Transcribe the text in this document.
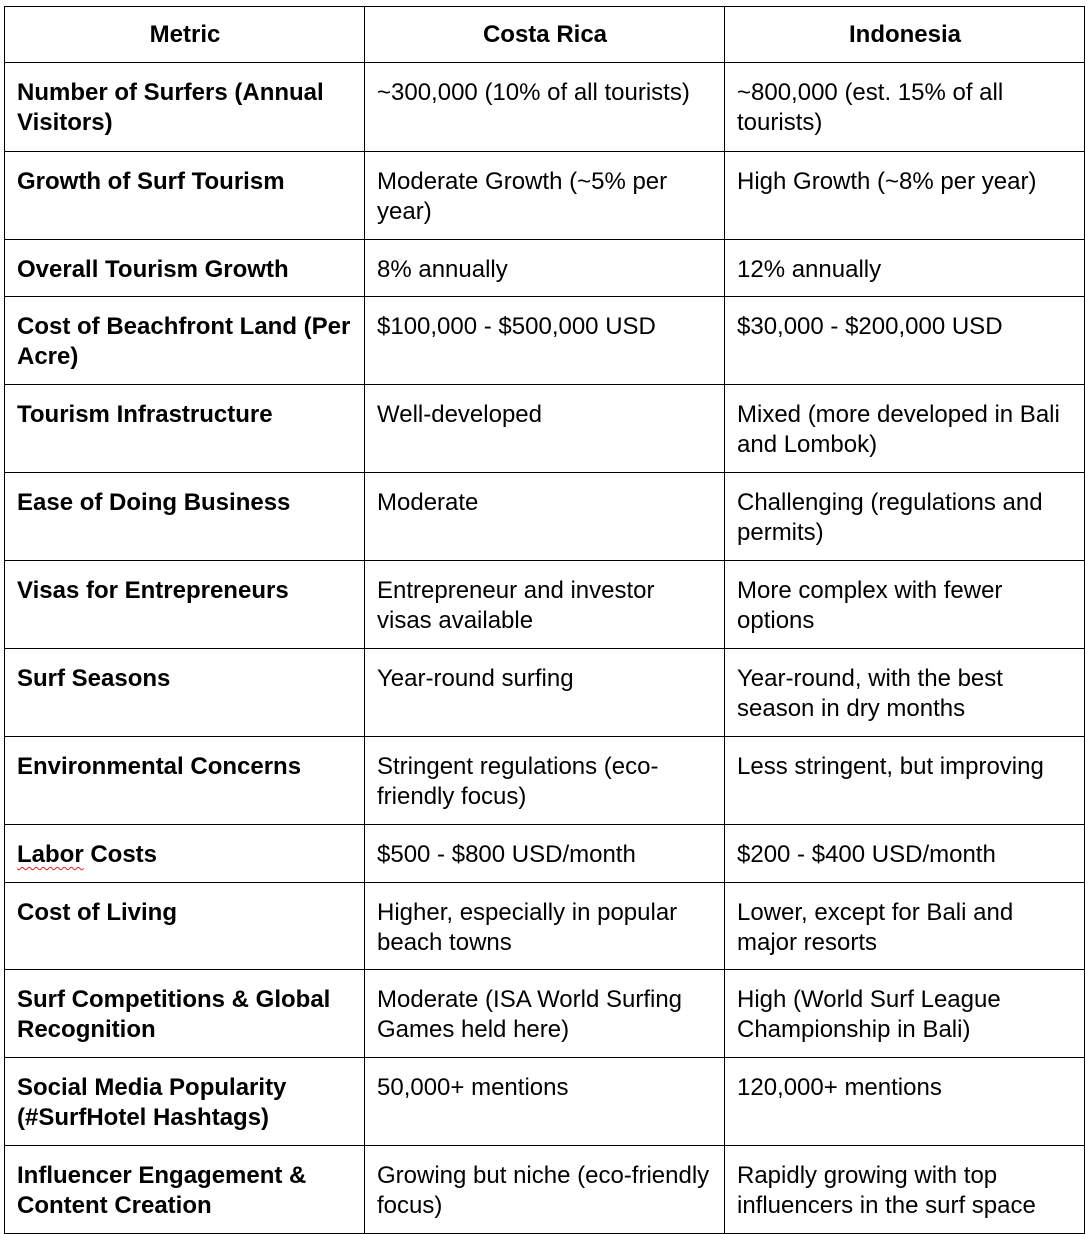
Metric	Costa Rica	Indonesia
Number of Surfers (Annual Visitors)	~300,000 (10% of all tourists)	~800,000 (est. 15% of all tourists)
Growth of Surf Tourism	Moderate Growth (~5% per year)	High Growth (~8% per year)
Overall Tourism Growth	8% annually	12% annually
Cost of Beachfront Land (Per Acre)	$100,000 - $500,000 USD	$30,000 - $200,000 USD
Tourism Infrastructure	Well-developed	Mixed (more developed in Bali and Lombok)
Ease of Doing Business	Moderate	Challenging (regulations and permits)
Visas for Entrepreneurs	Entrepreneur and investor visas available	More complex with fewer options
Surf Seasons	Year-round surfing	Year-round, with the best season in dry months
Environmental Concerns	Stringent regulations (eco-friendly focus)	Less stringent, but improving
Labor Costs	$500 - $800 USD/month	$200 - $400 USD/month
Cost of Living	Higher, especially in popular beach towns	Lower, except for Bali and major resorts
Surf Competitions & Global Recognition	Moderate (ISA World Surfing Games held here)	High (World Surf League Championship in Bali)
Social Media Popularity (#SurfHotel Hashtags)	50,000+ mentions	120,000+ mentions
Influencer Engagement & Content Creation	Growing but niche (eco-friendly focus)	Rapidly growing with top influencers in the surf space
